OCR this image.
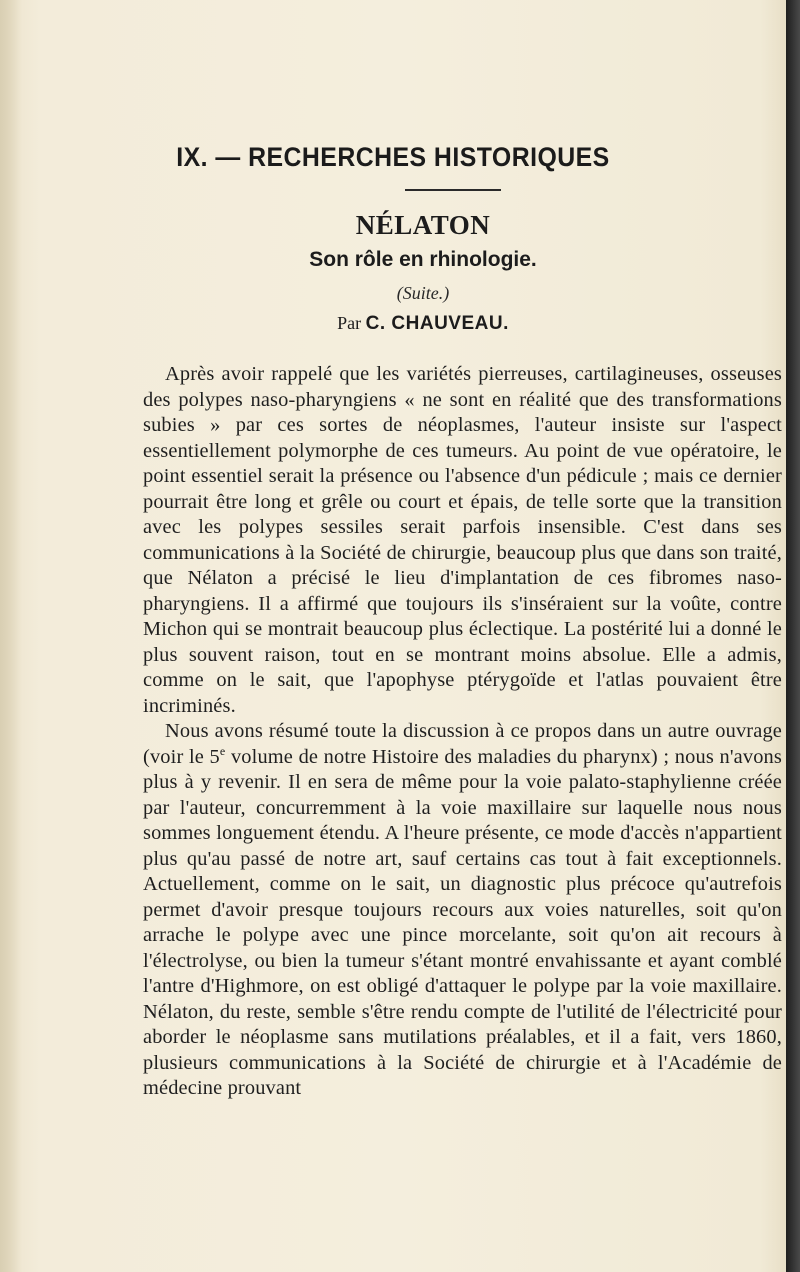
IX. — RECHERCHES HISTORIQUES
NÉLATON
Son rôle en rhinologie.
(Suite.)
Par C. CHAUVEAU.

Après avoir rappelé que les variétés pierreuses, cartilagineuses, osseuses des polypes naso-pharyngiens « ne sont en réalité que des transformations subies » par ces sortes de néoplasmes, l'auteur insiste sur l'aspect essentiellement polymorphe de ces tumeurs. Au point de vue opératoire, le point essentiel serait la présence ou l'absence d'un pédicule ; mais ce dernier pourrait être long et grêle ou court et épais, de telle sorte que la transition avec les polypes sessiles serait parfois insensible. C'est dans ses communications à la Société de chirurgie, beaucoup plus que dans son traité, que Nélaton a précisé le lieu d'implantation de ces fibromes naso-pharyngiens. Il a affirmé que toujours ils s'inséraient sur la voûte, contre Michon qui se montrait beaucoup plus éclectique. La postérité lui a donné le plus souvent raison, tout en se montrant moins absolue. Elle a admis, comme on le sait, que l'apophyse ptérygoïde et l'atlas pouvaient être incriminés.

Nous avons résumé toute la discussion à ce propos dans un autre ouvrage (voir le 5e volume de notre Histoire des maladies du pharynx) ; nous n'avons plus à y revenir. Il en sera de même pour la voie palato-staphylienne créée par l'auteur, concurremment à la voie maxillaire sur laquelle nous nous sommes longuement étendu. A l'heure présente, ce mode d'accès n'appartient plus qu'au passé de notre art, sauf certains cas tout à fait exceptionnels. Actuellement, comme on le sait, un diagnostic plus précoce qu'autrefois permet d'avoir presque toujours recours aux voies naturelles, soit qu'on arrache le polype avec une pince morcelante, soit qu'on ait recours à l'électrolyse, ou bien la tumeur s'étant montré envahissante et ayant comblé l'antre d'Highmore, on est obligé d'attaquer le polype par la voie maxillaire. Nélaton, du reste, semble s'être rendu compte de l'utilité de l'électricité pour aborder le néoplasme sans mutilations préalables, et il a fait, vers 1860, plusieurs communications à la Société de chirurgie et à l'Académie de médecine prouvant
